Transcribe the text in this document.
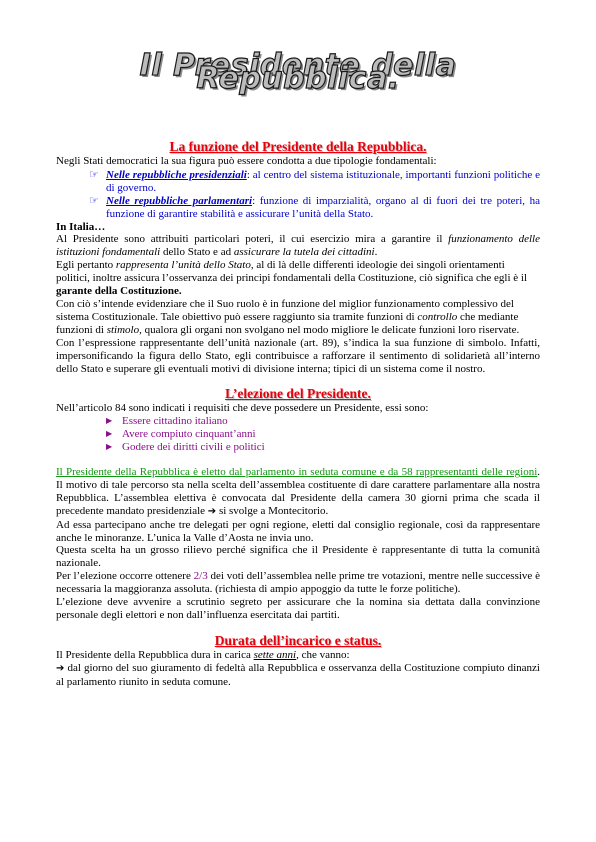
Il Presidente della Repubblica.
La funzione del Presidente della Repubblica.

Negli Stati democratici la sua figura può essere condotta a due tipologie fondamentali:

☞ Nelle repubbliche presidenziali: al centro del sistema istituzionale, importanti funzioni politiche e di governo.
☞ Nelle repubbliche parlamentari: funzione di imparzialità, organo al di fuori dei tre poteri, ha funzione di garantire stabilità e assicurare l’unità della Stato.

In Italia…

Al Presidente sono attribuiti particolari poteri, il cui esercizio mira a garantire il funzionamento delle istituzioni fondamentali dello Stato e ad assicurare la tutela dei cittadini.

Egli pertanto rappresenta l’unità dello Stato, al di là delle differenti ideologie dei singoli orientamenti politici, inoltre assicura l’osservanza dei principi fondamentali della Costituzione, ciò significa che egli è il garante della Costituzione.

Con ciò s’intende evidenziare che il Suo ruolo è in funzione del miglior funzionamento complessivo del sistema Costituzionale. Tale obiettivo può essere raggiunto sia tramite funzioni di controllo che mediante funzioni di stimolo, qualora gli organi non svolgano nel modo migliore le delicate funzioni loro riservate.

Con l’espressione rappresentante dell’unità nazionale (art. 89), s’indica la sua funzione di simbolo. Infatti, impersonificando la figura dello Stato, egli contribuisce a rafforzare il sentimento di solidarietà all’interno dello Stato e superare gli eventuali motivi di divisione interna; tipici di un sistema come il nostro.

L’elezione del Presidente.

Nell’articolo 84 sono indicati i requisiti che deve possedere un Presidente, essi sono:

▶ Essere cittadino italiano
▶ Avere compiuto cinquant’anni
▶ Godere dei diritti civili e politici

Il Presidente della Repubblica è eletto dal parlamento in seduta comune e da 58 rappresentanti delle regioni. Il motivo di tale percorso sta nella scelta dell’assemblea costituente di dare carattere parlamentare alla nostra Repubblica. L’assemblea elettiva è convocata dal Presidente della camera 30 giorni prima che scada il precedente mandato presidenziale ➔ si svolge a Montecitorio.

Ad essa partecipano anche tre delegati per ogni regione, eletti dal consiglio regionale, così da rappresentare anche le minoranze. L’unica la Valle d’Aosta ne invia uno.

Questa scelta ha un grosso rilievo perché significa che il Presidente è rappresentante di tutta la comunità nazionale.

Per l’elezione occorre ottenere 2/3 dei voti dell’assemblea nelle prime tre votazioni, mentre nelle successive è necessaria la maggioranza assoluta. (richiesta di ampio appoggio da tutte le forze politiche).

L’elezione deve avvenire a scrutinio segreto per assicurare che la nomina sia dettata dalla convinzione personale degli elettori e non dall’influenza esercitata dai partiti.

Durata dell’incarico e status.

Il Presidente della Repubblica dura in carica sette anni, che vanno:

➔ dal giorno del suo giuramento di fedeltà alla Repubblica e osservanza della Costituzione compiuto dinanzi al parlamento riunito in seduta comune.
